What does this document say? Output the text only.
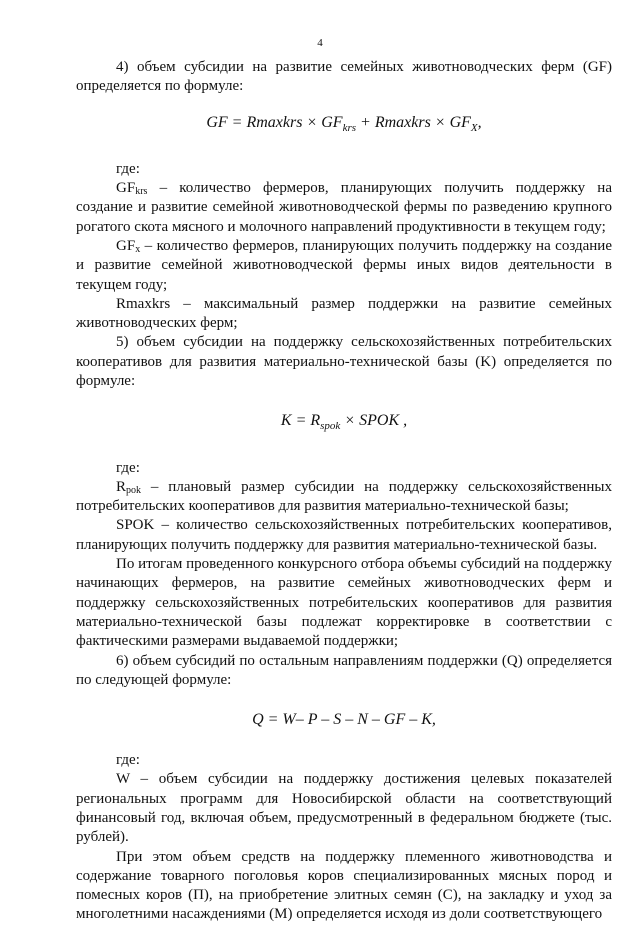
4

4) объем субсидии на развитие семейных животноводческих ферм (GF) определяется по формуле:

GF = Rmaxkrs × $GF_{krs}$ + Rmaxkrs × $GF_X$,

где:

$GF_{krs}$ – количество фермеров, планирующих получить поддержку на создание и развитие семейной животноводческой фермы по разведению крупного рогатого скота мясного и молочного направлений продуктивности в текущем году;

$GF_x$ – количество фермеров, планирующих получить поддержку на создание и развитие семейной животноводческой фермы иных видов деятельности в текущем году;

Rmaxkrs – максимальный размер поддержки на развитие семейных животноводческих ферм;

5) объем субсидии на поддержку сельскохозяйственных потребительских кооперативов для развития материально-технической базы (K) определяется по формуле:

$K = R_{spok}$ × SPOK ,

где:

$R_{pok}$ – плановый размер субсидии на поддержку сельскохозяйственных потребительских кооперативов для развития материально-технической базы;

SPOK – количество сельскохозяйственных потребительских кооперативов, планирующих получить поддержку для развития материально-технической базы.

По итогам проведенного конкурсного отбора объемы субсидий на поддержку начинающих фермеров, на развитие семейных животноводческих ферм и поддержку сельскохозяйственных потребительских кооперативов для развития материально-технической базы подлежат корректировке в соответствии с фактическими размерами выдаваемой поддержки;

6) объем субсидий по остальным направлениям поддержки (Q) определяется по следующей формуле:

Q = W– P – S – N – GF – K,

где:

W – объем субсидии на поддержку достижения целевых показателей региональных программ для Новосибирской области на соответствующий финансовый год, включая объем, предусмотренный в федеральном бюджете (тыс. рублей).

При этом объем средств на поддержку племенного животноводства и содержание товарного поголовья коров специализированных мясных пород и помесных коров (П), на приобретение элитных семян (С), на закладку и уход за многолетними насаждениями (М) определяется исходя из доли соответствующего
